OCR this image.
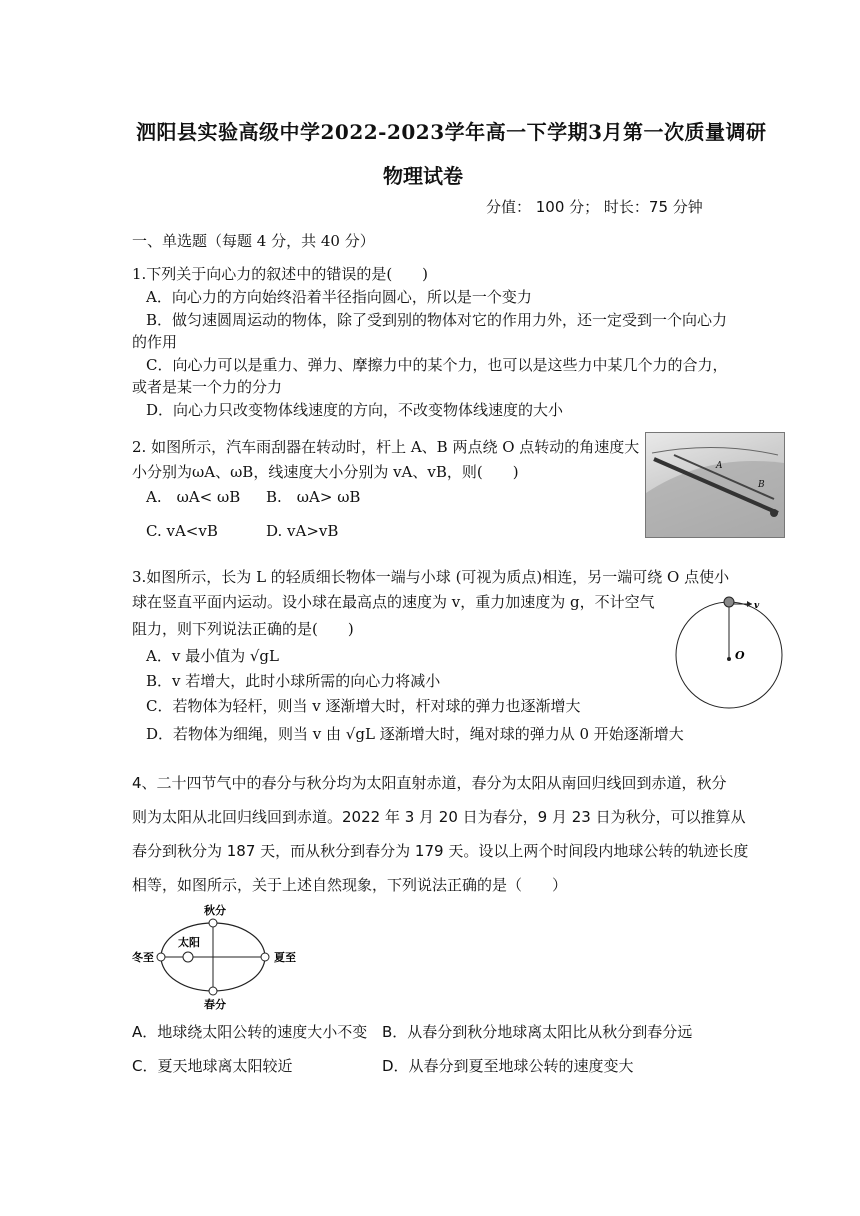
泗阳县实验高级中学2022-2023学年高一下学期3月第一次质量调研
物理试卷
分值： 100 分； 时长：75 分钟
一、单选题（每题 4 分，共 40 分）
1.下列关于向心力的叙述中的错误的是(　　)
A．向心力的方向始终沿着半径指向圆心，所以是一个变力
B．做匀速圆周运动的物体，除了受到别的物体对它的作用力外，还一定受到一个向心力
的作用
C．向心力可以是重力、弹力、摩擦力中的某个力，也可以是这些力中某几个力的合力，
或者是某一个力的分力
D．向心力只改变物体线速度的方向，不改变物体线速度的大小
2. 如图所示，汽车雨刮器在转动时，杆上 A、B 两点绕 O 点转动的角速度大
小分别为ωA、ωB，线速度大小分别为 vA、vB，则(　　)
A.　ωA< ωB B.　ωA> ωB
C. vA<vB	D. vA>vB
A
B
3.如图所示，长为 L 的轻质细长物体一端与小球 (可视为质点)相连，另一端可绕 O 点使小
球在竖直平面内运动。设小球在最高点的速度为 v，重力加速度为 g，不计空气
阻力，则下列说法正确的是(　　)
A．v 最小值为 √gL
B．v 若增大，此时小球所需的向心力将减小
C．若物体为轻杆，则当 v 逐渐增大时，杆对球的弹力也逐渐增大
D．若物体为细绳，则当 v 由 √gL 逐渐增大时，绳对球的弹力从 0 开始逐渐增大
v
O
4、二十四节气中的春分与秋分均为太阳直射赤道，春分为太阳从南回归线回到赤道，秋分
则为太阳从北回归线回到赤道。2022 年 3 月 20 日为春分，9 月 23 日为秋分，可以推算从
春分到秋分为 187 天，而从秋分到春分为 179 天。设以上两个时间段内地球公转的轨迹长度
相等，如图所示，关于上述自然现象，下列说法正确的是（　　）
秋分
春分
冬至	夏至
太阳
A．地球绕太阳公转的速度大小不变 B．从春分到秋分地球离太阳比从秋分到春分远
C．夏天地球离太阳较近	D．从春分到夏至地球公转的速度变大
